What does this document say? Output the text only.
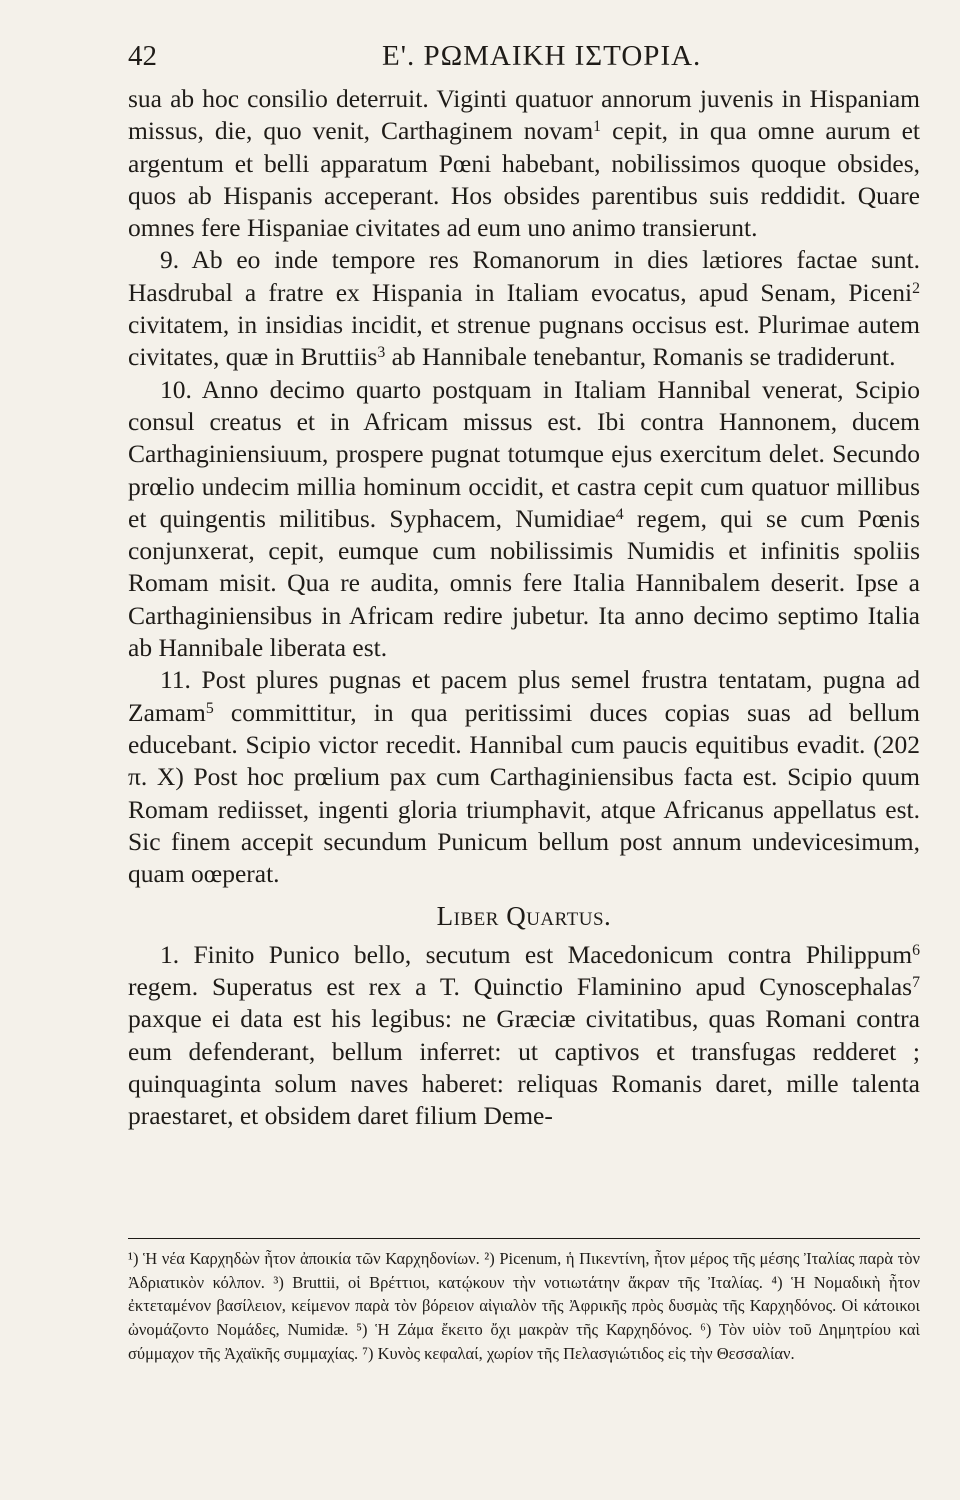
42	Ε'. ΡΩΜΑΙΚΗ ΙΣΤΟΡΙΑ.

sua ab hoc consilio deterruit. Viginti quatuor annorum juvenis in Hispaniam missus, die, quo venit, Carthaginem novam$^1$ cepit, in qua omne aurum et argentum et belli apparatum Pœni habebant, nobilissimos quoque obsides, quos ab Hispanis acceperant. Hos obsides parentibus suis reddidit. Quare omnes fere Hispaniae civitates ad eum uno animo transierunt.

9. Ab eo inde tempore res Romanorum in dies lætiores factae sunt. Hasdrubal a fratre ex Hispania in Italiam evocatus, apud Senam, Piceni$^2$ civitatem, in insidias incidit, et strenue pugnans occisus est. Plurimae autem civitates, quæ in Bruttiis$^3$ ab Hannibale tenebantur, Romanis se tradiderunt.

10. Anno decimo quarto postquam in Italiam Hannibal venerat, Scipio consul creatus et in Africam missus est. Ibi contra Hannonem, ducem Carthaginiensiuum, prospere pugnat totumque ejus exercitum delet. Secundo prœlio undecim millia hominum occidit, et castra cepit cum quatuor millibus et quingentis militibus. Syphacem, Numidiae$^4$ regem, qui se cum Pœnis conjunxerat, cepit, eumque cum nobilissimis Numidis et infinitis spoliis Romam misit. Qua re audita, omnis fere Italia Hannibalem deserit. Ipse a Carthaginiensibus in Africam redire jubetur. Ita anno decimo septimo Italia ab Hannibale liberata est.

11. Post plures pugnas et pacem plus semel frustra tentatam, pugna ad Zamam$^5$ committitur, in qua peritissimi duces copias suas ad bellum educebant. Scipio victor recedit. Hannibal cum paucis equitibus evadit. (202 π. X) Post hoc prœlium pax cum Carthaginiensibus facta est. Scipio quum Romam rediisset, ingenti gloria triumphavit, atque Africanus appellatus est. Sic finem accepit secundum Punicum bellum post annum undevicesimum, quam oœperat.

Liber Quartus.

1. Finito Punico bello, secutum est Macedonicum contra Philippum$^6$ regem. Superatus est rex a T. Quinctio Flaminino apud Cynoscephalas$^7$ paxque ei data est his legibus: ne Græciæ civitatibus, quas Romani contra eum defenderant, bellum inferret: ut captivos et transfugas redderet ; quinquaginta solum naves haberet: reliquas Romanis daret, mille talenta praestaret, et obsidem daret filium Deme-

¹) Ἡ νέα Καρχηδὼν ἦτον ἀποικία τῶν Καρχηδονίων. ²) Picenum, ἡ Πικεντίνη, ἦτον μέρος τῆς μέσης Ἰταλίας παρὰ τὸν Ἀδριατικὸν κόλπον. ³) Bruttii, οἱ Βρέττιοι, κατῴκουν τὴν νοτιωτάτην ἄκραν τῆς Ἰταλίας. ⁴) Ἡ Νομαδικὴ ἦτον ἐκτεταμένον βασίλειον, κείμενον παρὰ τὸν βόρειον αἰγιαλὸν τῆς Ἀφρικῆς πρὸς δυσμὰς τῆς Καρχηδόνος. Οἱ κάτοικοι ὠνομάζοντο Νομάδες, Numidæ. ⁵) Ἡ Ζάμα ἔκειτο ὄχι μακρὰν τῆς Καρχηδόνος. ⁶) Τὸν υἱὸν τοῦ Δημητρίου καὶ σύμμαχον τῆς Ἀχαϊκῆς συμμαχίας. ⁷) Κυνὸς κεφαλαί, χωρίον τῆς Πελασγιώτιδος εἰς τὴν Θεσσαλίαν.
